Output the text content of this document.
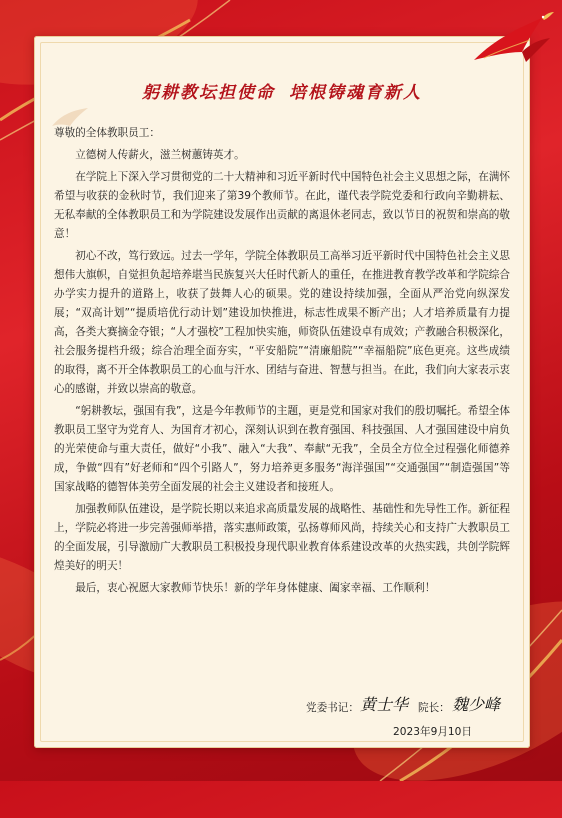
躬耕教坛担使命 培根铸魂育新人

尊敬的全体教职员工：

立德树人传薪火，滋兰树蕙铸英才。

在学院上下深入学习贯彻党的二十大精神和习近平新时代中国特色社会主义思想之际，在满怀希望与收获的金秋时节，我们迎来了第39个教师节。在此，谨代表学院党委和行政向辛勤耕耘、无私奉献的全体教职员工和为学院建设发展作出贡献的离退休老同志，致以节日的祝贺和崇高的敬意！

初心不改，笃行致远。过去一学年，学院全体教职员工高举习近平新时代中国特色社会主义思想伟大旗帜，自觉担负起培养堪当民族复兴大任时代新人的重任，在推进教育教学改革和学院综合办学实力提升的道路上，收获了鼓舞人心的硕果。党的建设持续加强，全面从严治党向纵深发展；“双高计划”“提质培优行动计划”建设加快推进，标志性成果不断产出；人才培养质量有力提高，各类大赛摘金夺银；“人才强校”工程加快实施，师资队伍建设卓有成效；产教融合积极深化，社会服务提档升级；综合治理全面夯实，“平安船院”“清廉船院”“幸福船院”底色更亮。这些成绩的取得，离不开全体教职员工的心血与汗水、团结与奋进、智慧与担当。在此，我们向大家表示衷心的感谢，并致以崇高的敬意。

“躬耕教坛，强国有我”，这是今年教师节的主题，更是党和国家对我们的殷切嘱托。希望全体教职员工坚守为党育人、为国育才初心，深刻认识到在教育强国、科技强国、人才强国建设中肩负的光荣使命与重大责任，做好“小我”、融入“大我”、奉献“无我”，全员全方位全过程强化师德养成，争做“四有”好老师和“四个引路人”，努力培养更多服务“海洋强国”“交通强国”“制造强国”等国家战略的德智体美劳全面发展的社会主义建设者和接班人。

加强教师队伍建设，是学院长期以来追求高质量发展的战略性、基础性和先导性工作。新征程上，学院必将进一步完善强师举措，落实惠师政策，弘扬尊师风尚，持续关心和支持广大教职员工的全面发展，引导激励广大教职员工积极投身现代职业教育体系建设改革的火热实践，共创学院辉煌美好的明天！

最后，衷心祝愿大家教师节快乐！新的学年身体健康、阖家幸福、工作顺利！

党委书记： 黄士华 院长： 魏少峰
2023年9月10日
